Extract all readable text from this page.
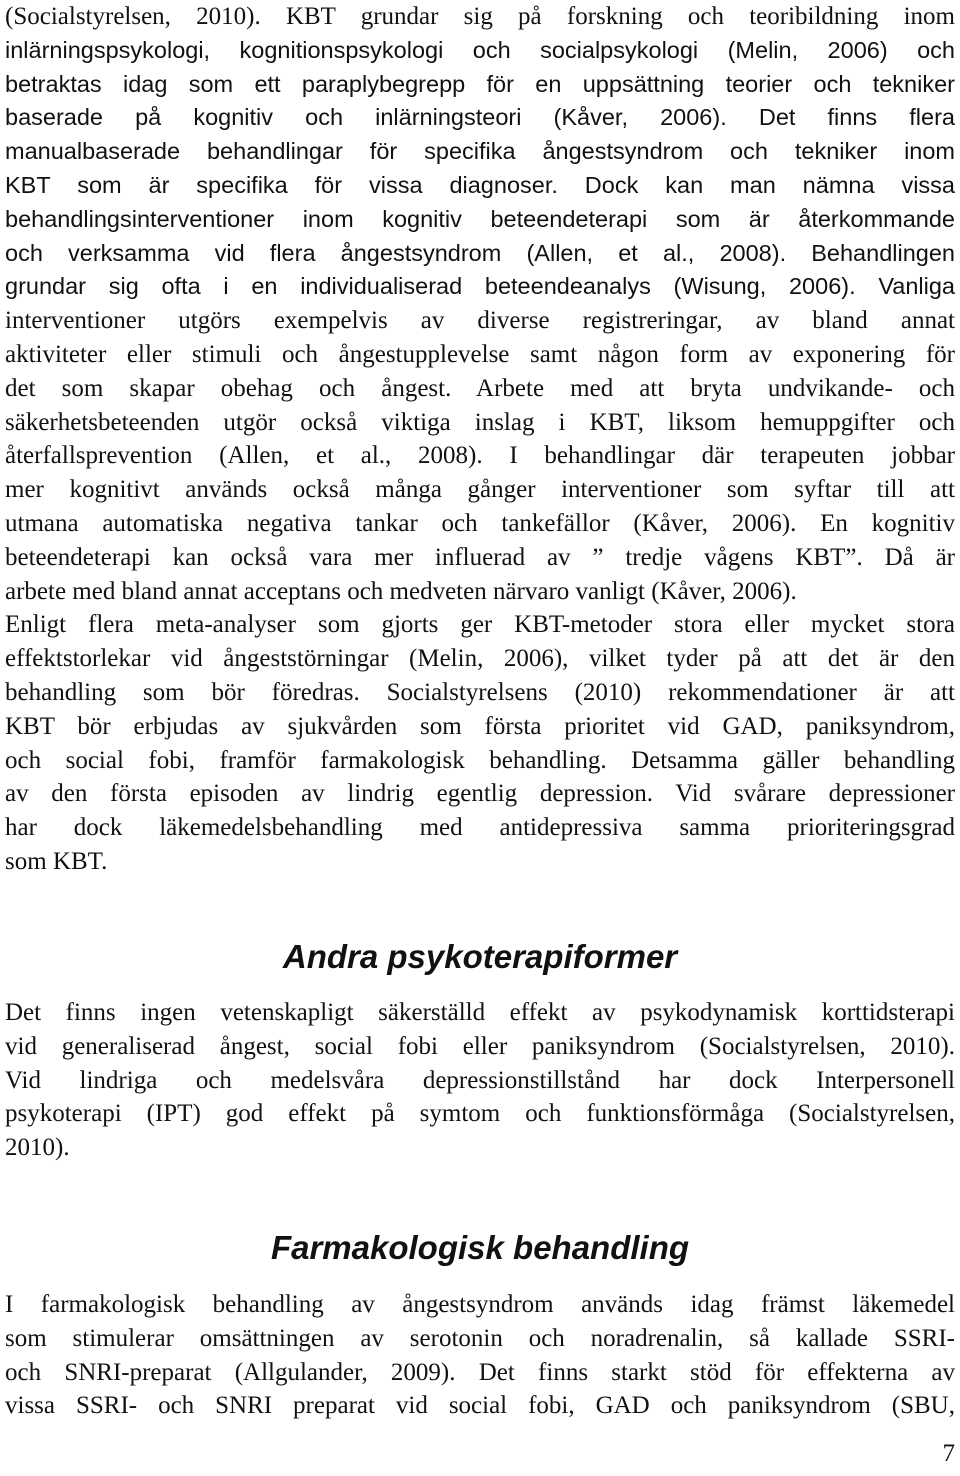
(Socialstyrelsen, 2010). KBT grundar sig på forskning och teoribildning inom
inlärningspsykologi, kognitionspsykologi och socialpsykologi (Melin, 2006) och
betraktas idag som ett paraplybegrepp för en uppsättning teorier och tekniker
baserade på kognitiv och inlärningsteori (Kåver, 2006). Det finns flera
manualbaserade behandlingar för specifika ångestsyndrom och tekniker inom
KBT som är specifika för vissa diagnoser. Dock kan man nämna vissa
behandlingsinterventioner inom kognitiv beteendeterapi som är återkommande
och verksamma vid flera ångestsyndrom (Allen, et al., 2008). Behandlingen
grundar sig ofta i en individualiserad beteendeanalys (Wisung, 2006). Vanliga
interventioner utgörs exempelvis av diverse registreringar, av bland annat
aktiviteter eller stimuli och ångestupplevelse samt någon form av exponering för
det som skapar obehag och ångest. Arbete med att bryta undvikande- och
säkerhetsbeteenden utgör också viktiga inslag i KBT, liksom hemuppgifter och
återfallsprevention (Allen, et al., 2008). I behandlingar där terapeuten jobbar
mer kognitivt används också många gånger interventioner som syftar till att
utmana automatiska negativa tankar och tankefällor (Kåver, 2006). En kognitiv
beteendeterapi kan också vara mer influerad av ” tredje vågens KBT”. Då är
arbete med bland annat acceptans och medveten närvaro vanligt (Kåver, 2006).
Enligt flera meta-analyser som gjorts ger KBT-metoder stora eller mycket stora
effektstorlekar vid ångeststörningar (Melin, 2006), vilket tyder på att det är den
behandling som bör föredras. Socialstyrelsens (2010) rekommendationer är att
KBT bör erbjudas av sjukvården som första prioritet vid GAD, paniksyndrom,
och social fobi, framför farmakologisk behandling. Detsamma gäller behandling
av den första episoden av lindrig egentlig depression. Vid svårare depressioner
har dock läkemedelsbehandling med antidepressiva samma prioriteringsgrad
som KBT.
Andra psykoterapiformer
Det finns ingen vetenskapligt säkerställd effekt av psykodynamisk korttidsterapi
vid generaliserad ångest, social fobi eller paniksyndrom (Socialstyrelsen, 2010).
Vid lindriga och medelsvåra depressionstillstånd har dock Interpersonell
psykoterapi (IPT) god effekt på symtom och funktionsförmåga (Socialstyrelsen,
2010).
Farmakologisk behandling
I farmakologisk behandling av ångestsyndrom används idag främst läkemedel
som stimulerar omsättningen av serotonin och noradrenalin, så kallade SSRI-
och SNRI-preparat (Allgulander, 2009). Det finns starkt stöd för effekterna av
vissa SSRI- och SNRI preparat vid social fobi, GAD och paniksyndrom (SBU,
7
